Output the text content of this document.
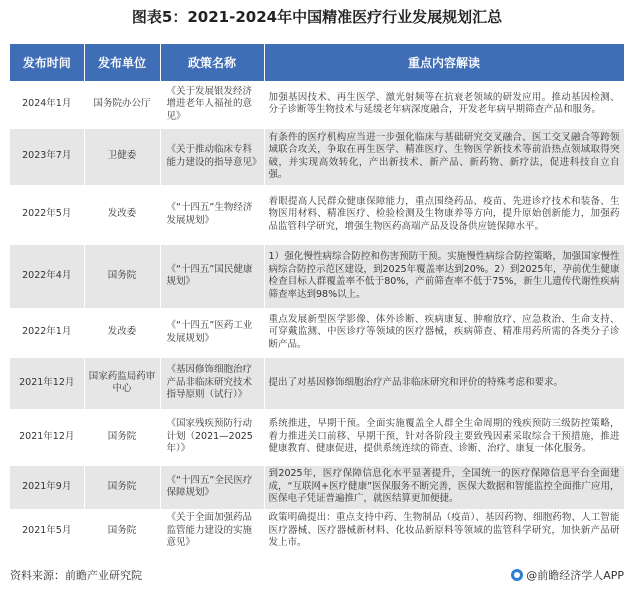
图表5：2021-2024年中国精准医疗行业发展规划汇总
发布时间	发布单位	政策名称	重点内容解读
2024年1月	国务院办公厅	《关于发展银发经济增进老年人福祉的意见》	加强基因技术、再生医学、激光射频等在抗衰老领域的研发应用。推动基因检测、分子诊断等生物技术与延缓老年病深度融合，开发老年病早期筛查产品和服务。
2023年7月	卫健委	《关于推动临床专科能力建设的指导意见》	有条件的医疗机构应当进一步强化临床与基础研究交叉融合、医工交叉融合等跨领域联合攻关，争取在再生医学、精准医疗、生物医学新技术等前沿热点领域取得突破，并实现高效转化，产出新技术、新产品、新药物、新疗法，促进科技自立自强。
2022年5月	发改委	《“十四五”生物经济发展规划》	着眼提高人民群众健康保障能力，重点围绕药品、疫苗、先进诊疗技术和装备、生物医用材料、精准医疗、检验检测及生物康养等方向，提升原始创新能力，加强药品监管科学研究，增强生物医药高端产品及设备供应链保障水平。
2022年4月	国务院	《“十四五”国民健康规划》	1）强化慢性病综合防控和伤害预防干预。实施慢性病综合防控策略，加强国家慢性病综合防控示范区建设，到2025年覆盖率达到20%。2）到2025年，孕前优生健康检查目标人群覆盖率不低于80%，产前筛查率不低于75%，新生儿遗传代谢性疾病筛查率达到98%以上。
2022年1月	发改委	《“十四五”医药工业发展规划》	重点发展新型医学影像、体外诊断、疾病康复、肿瘤放疗、应急救治、生命支持、可穿戴监测、中医诊疗等领域的医疗器械，疾病筛查、精准用药所需的各类分子诊断产品。
2021年12月	国家药监局药审中心	《基因修饰细胞治疗产品非临床研究技术指导原则（试行）》	提出了对基因修饰细胞治疗产品非临床研究和评价的特殊考虑和要求。
2021年12月	国务院	《国家残疾预防行动计划（2021—2025年）》	系统推进，早期干预。全面实施覆盖全人群全生命周期的残疾预防三级防控策略，着力推进关口前移、早期干预，针对各阶段主要致残因素采取综合干预措施，推进健康教育、健康促进，提供系统连续的筛查、诊断、治疗、康复一体化服务。
2021年9月	国务院	《“十四五”全民医疗保障规划》	到2025年，医疗保障信息化水平显著提升，全国统一的医疗保障信息平台全面建成，“互联网+医疗健康”医保服务不断完善，医保大数据和智能监控全面推广应用，医保电子凭证普遍推广，就医结算更加便捷。
2021年5月	国务院	《关于全面加强药品监管能力建设的实施意见》	政策明确提出：重点支持中药、生物制品（疫苗）、基因药物、细胞药物、人工智能医疗器械、医疗器械新材料、化妆品新原料等领域的监管科学研究，加快新产品研发上市。
资料来源：前瞻产业研究院	@前瞻经济学人APP
